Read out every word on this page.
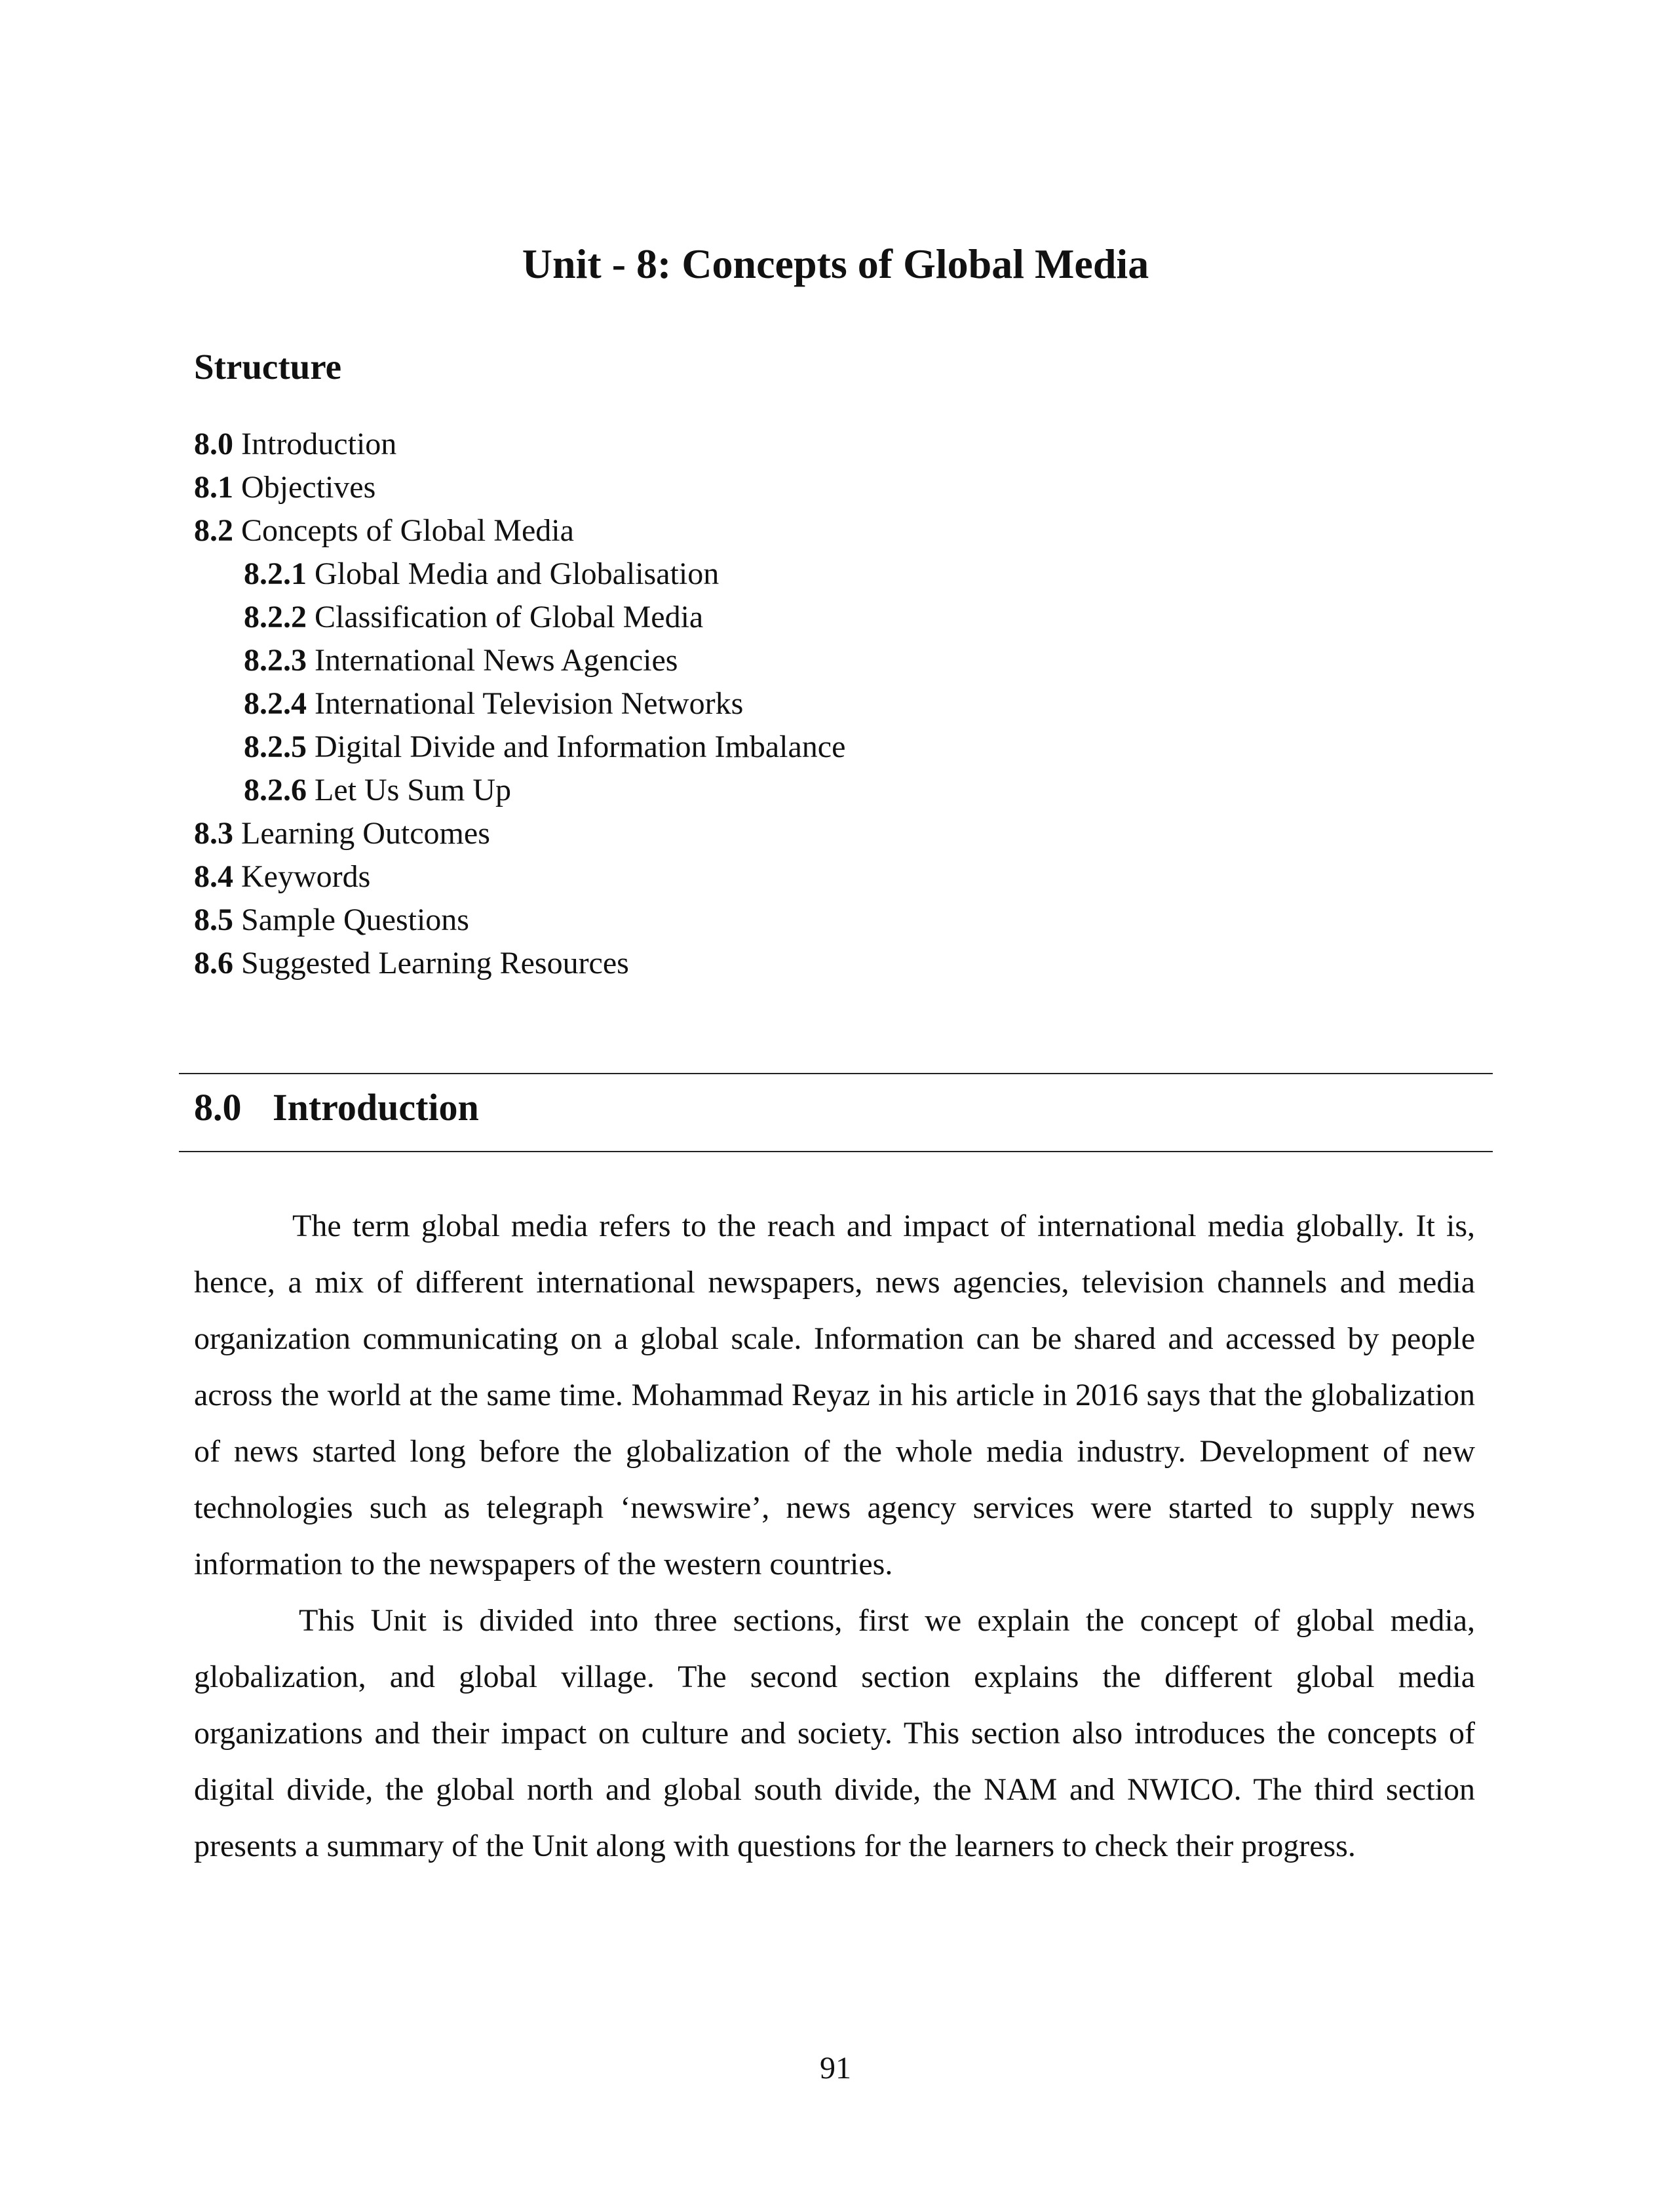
Unit - 8: Concepts of Global Media
Structure
8.0 Introduction
8.1 Objectives
8.2 Concepts of Global Media
8.2.1 Global Media and Globalisation
8.2.2 Classification of Global Media
8.2.3 International News Agencies
8.2.4 International Television Networks
8.2.5 Digital Divide and Information Imbalance
8.2.6 Let Us Sum Up
8.3 Learning Outcomes
8.4 Keywords
8.5 Sample Questions
8.6 Suggested Learning Resources
8.0 Introduction

The term global media refers to the reach and impact of international media globally. It is, hence, a mix of different international newspapers, news agencies, television channels and media organization communicating on a global scale. Information can be shared and accessed by people across the world at the same time. Mohammad Reyaz in his article in 2016 says that the globalization of news started long before the globalization of the whole media industry. Development of new technologies such as telegraph ‘newswire’, news agency services were started to supply news information to the newspapers of the western countries.

This Unit is divided into three sections, first we explain the concept of global media, globalization, and global village. The second section explains the different global media organizations and their impact on culture and society. This section also introduces the concepts of digital divide, the global north and global south divide, the NAM and NWICO. The third section presents a summary of the Unit along with questions for the learners to check their progress.

91
